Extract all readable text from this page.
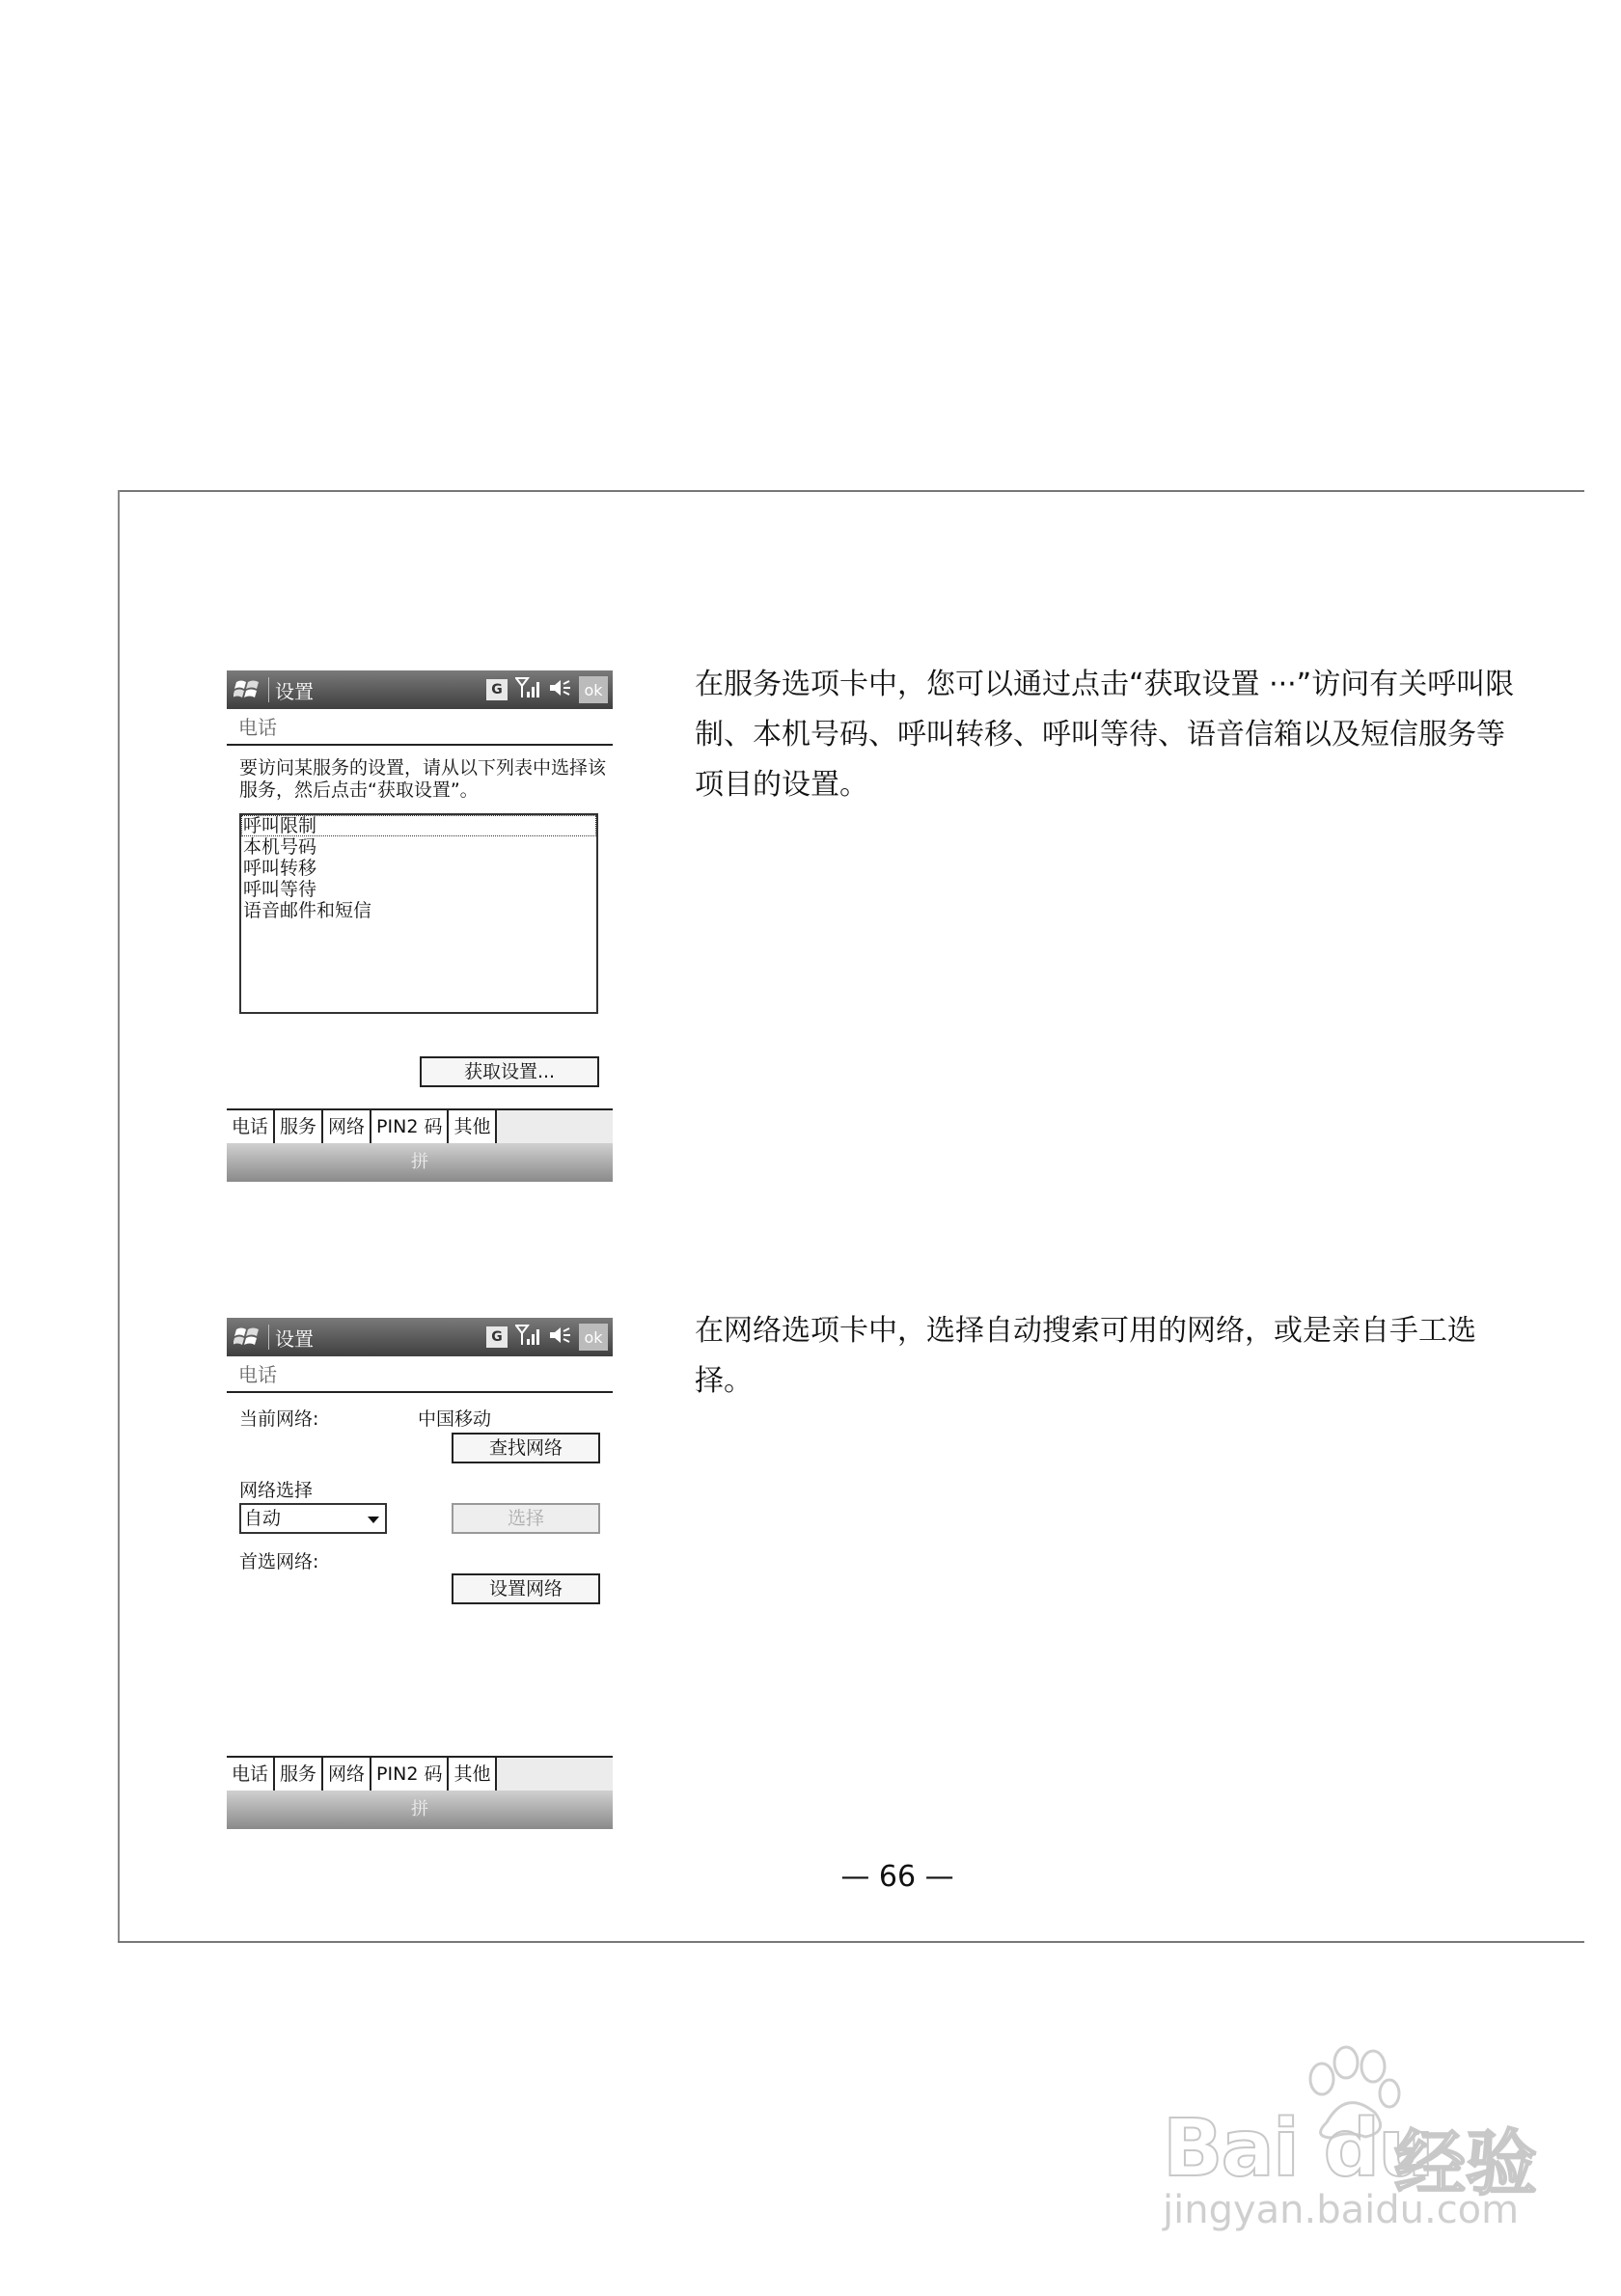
设置	G	ok
电话
要访问某服务的设置，请从以下列表中选择该服务，然后点击“获取设置”。
呼叫限制
本机号码
呼叫转移
呼叫等待
语音邮件和短信
获取设置...
电话 服务 网络 PIN2 码 其他
拼
设置	G	ok
电话
当前网络:	中国移动
查找网络
网络选择
自动	选择
首选网络:
设置网络
电话 服务 网络 PIN2 码 其他
拼
在服务选项卡中，您可以通过点击“获取设置 ···”访问有关呼叫限制、本机号码、呼叫转移、呼叫等待、语音信箱以及短信服务等项目的设置。
在网络选项卡中，选择自动搜索可用的网络，或是亲自手工选择。
— 66 —
Bai du
经验
jingyan.baidu.com
